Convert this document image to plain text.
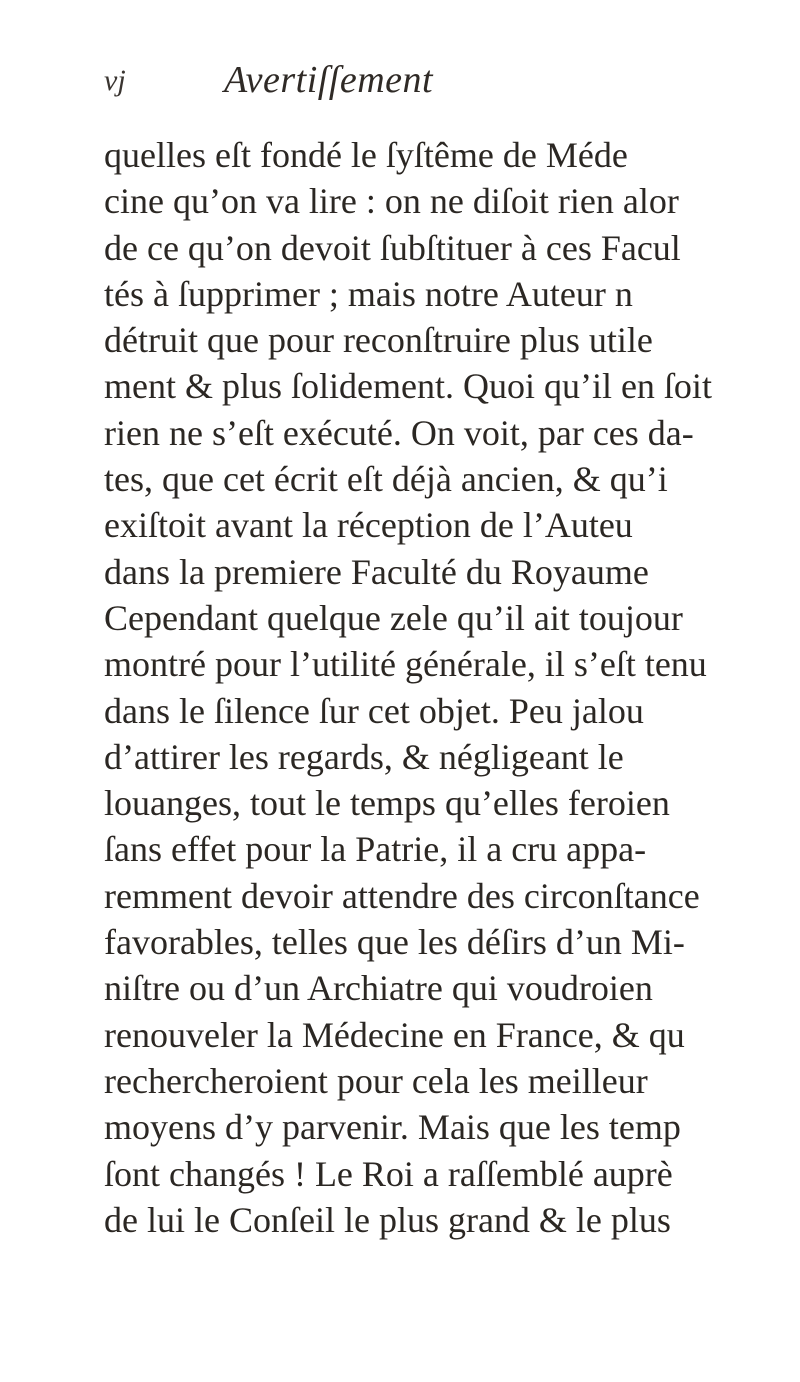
vj	Avertiſſement
quelles eſt fondé le ſyſtême de Méde
cine qu’on va lire : on ne diſoit rien alor
de ce qu’on devoit ſubſtituer à ces Facul
tés à ſupprimer ; mais notre Auteur n
détruit que pour reconſtruire plus utile
ment & plus ſolidement. Quoi qu’il en ſoit
rien ne s’eſt exécuté. On voit, par ces da-
tes, que cet écrit eſt déjà ancien, & qu’i
exiſtoit avant la réception de l’Auteu
dans la premiere Faculté du Royaume
Cependant quelque zele qu’il ait toujour
montré pour l’utilité générale, il s’eſt tenu
dans le ſilence ſur cet objet. Peu jalou
d’attirer les regards, & négligeant le
louanges, tout le temps qu’elles feroien
ſans effet pour la Patrie, il a cru appa-
remment devoir attendre des circonſtance
favorables, telles que les déſirs d’un Mi-
niſtre ou d’un Archiatre qui voudroien
renouveler la Médecine en France, & qu
rechercheroient pour cela les meilleur
moyens d’y parvenir. Mais que les temp
ſont changés ! Le Roi a raſſemblé auprè
de lui le Conſeil le plus grand & le plus
